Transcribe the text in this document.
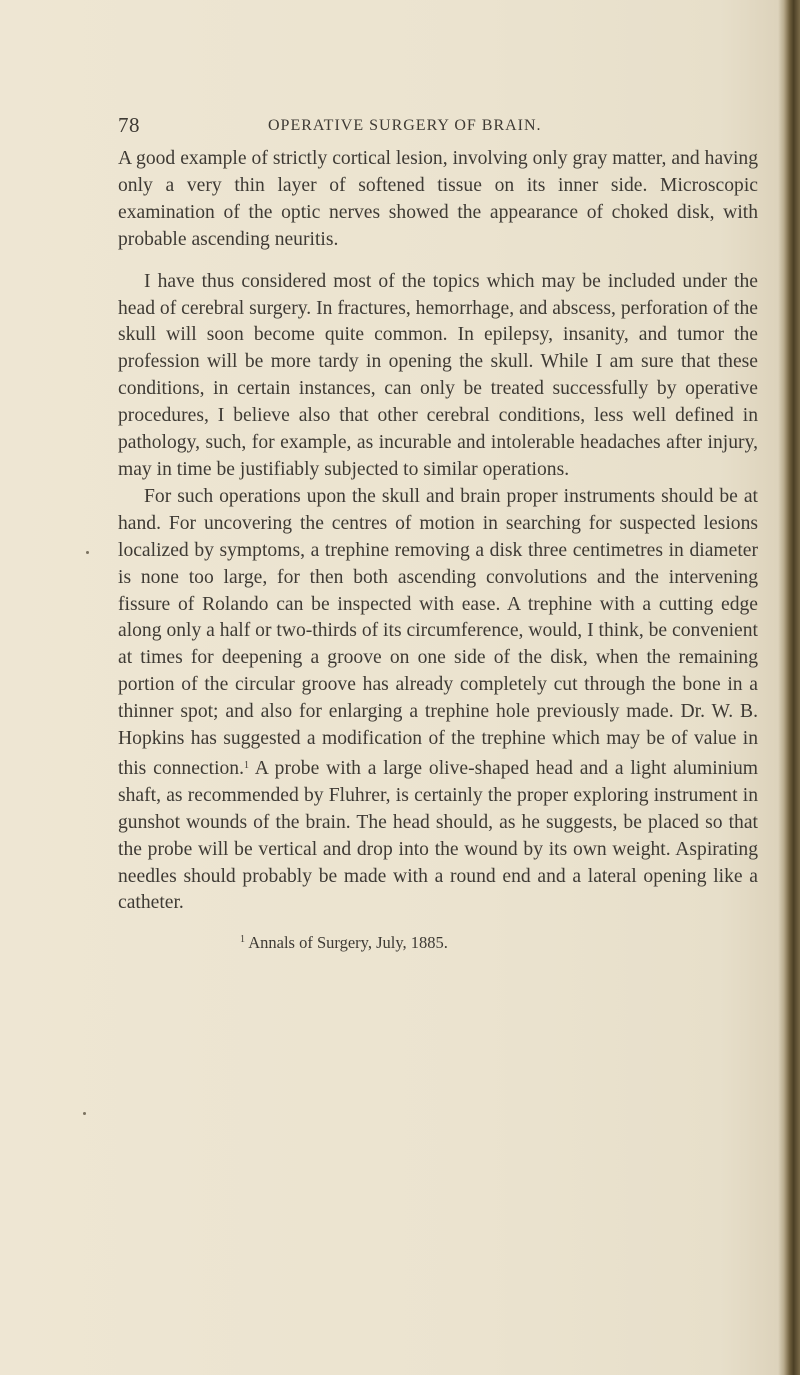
78	OPERATIVE SURGERY OF BRAIN.

A good example of strictly cortical lesion, involving only gray matter, and having only a very thin layer of softened tissue on its inner side. Microscopic examination of the optic nerves showed the appearance of choked disk, with probable ascending neuritis.

I have thus considered most of the topics which may be included under the head of cerebral surgery. In fractures, hemorrhage, and abscess, perforation of the skull will soon become quite common. In epilepsy, insanity, and tumor the profession will be more tardy in opening the skull. While I am sure that these conditions, in certain instances, can only be treated successfully by operative procedures, I believe also that other cerebral conditions, less well defined in pathology, such, for example, as incurable and intolerable headaches after injury, may in time be justifiably subjected to similar operations.

For such operations upon the skull and brain proper instruments should be at hand. For uncovering the centres of motion in searching for suspected lesions localized by symptoms, a trephine removing a disk three centimetres in diameter is none too large, for then both ascending convolutions and the intervening fissure of Rolando can be inspected with ease. A trephine with a cutting edge along only a half or two-thirds of its circumference, would, I think, be convenient at times for deepening a groove on one side of the disk, when the remaining portion of the circular groove has already completely cut through the bone in a thinner spot; and also for enlarging a trephine hole previously made. Dr. W. B. Hopkins has suggested a modification of the trephine which may be of value in this connection.$^1$ A probe with a large olive-shaped head and a light aluminium shaft, as recommended by Fluhrer, is certainly the proper exploring instrument in gunshot wounds of the brain. The head should, as he suggests, be placed so that the probe will be vertical and drop into the wound by its own weight. Aspirating needles should probably be made with a round end and a lateral opening like a catheter.

$^1$ Annals of Surgery, July, 1885.
